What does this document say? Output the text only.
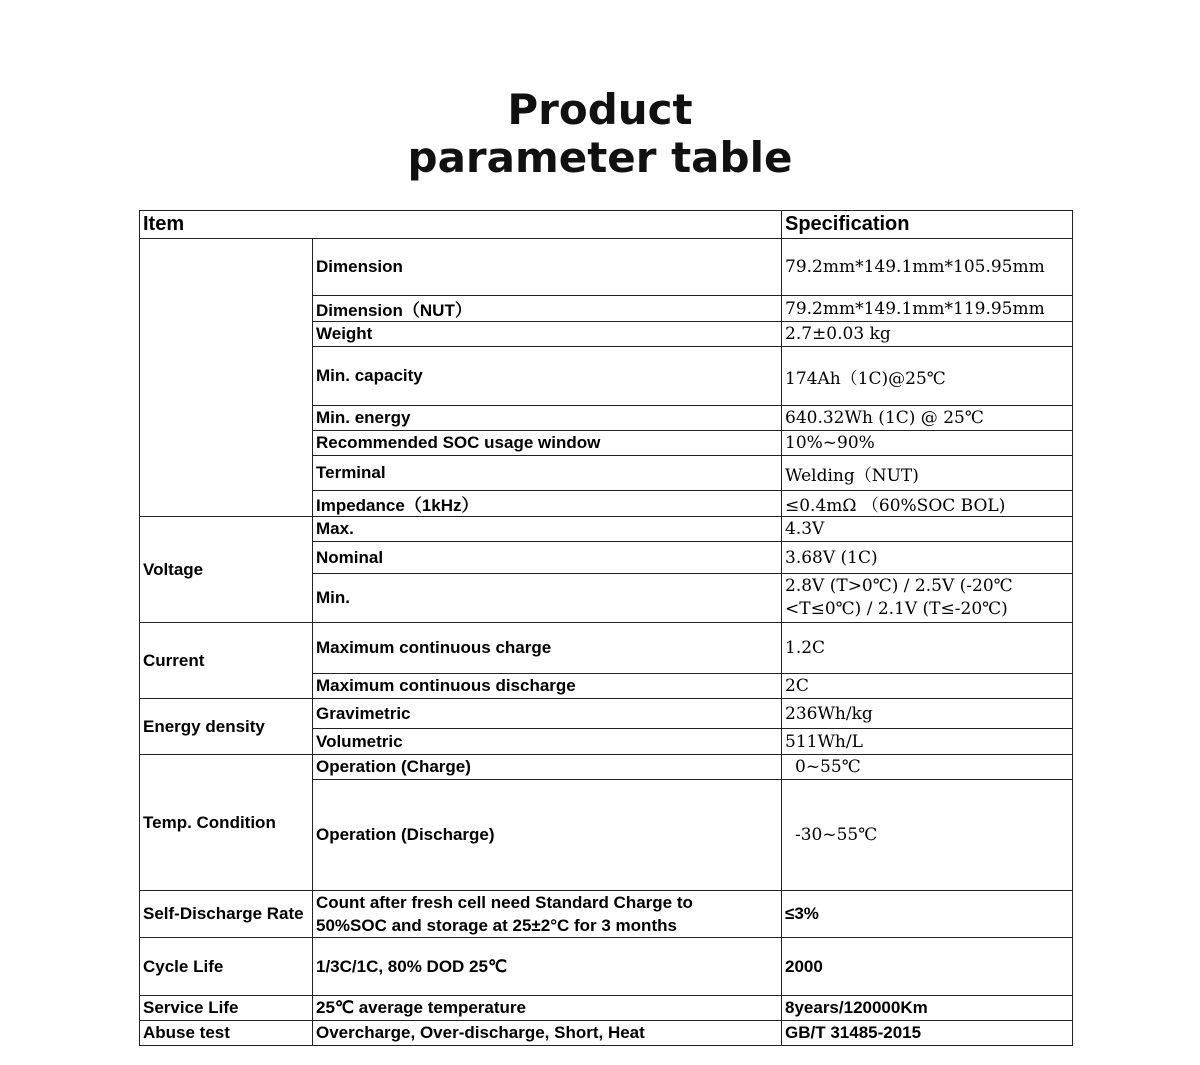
Product
parameter table
Item		Specification
	Dimension	79.2mm*149.1mm*105.95mm
	Dimension（NUT）	79.2mm*149.1mm*119.95mm
	Weight	2.7±0.03 kg
	Min. capacity	174Ah（1C)@25℃
	Min. energy	640.32Wh (1C) @ 25℃
	Recommended SOC usage window	10%~90%
	Terminal	Welding（NUT)
	Impedance（1kHz）	≤0.4mΩ （60%SOC BOL)
Voltage	Max.	4.3V
	Nominal	3.68V (1C)
	Min.	2.8V (T>0℃) / 2.5V (-20℃
<T≤0℃) / 2.1V (T≤-20℃)

Current	Maximum continuous charge	1.2C
	Maximum continuous discharge	2C
Energy density	Gravimetric	236Wh/kg
	Volumetric	511Wh/L
Temp. Condition	Operation (Charge)	0~55℃
	Operation (Discharge)	-30~55℃
Self-Discharge Rate	Count after fresh cell need Standard Charge to
50%SOC and storage at 25±2°C for 3 months	≤3%
Cycle Life	1/3C/1C, 80% DOD 25℃	2000
Service Life	25℃ average temperature	8years/120000Km
Abuse test	Overcharge, Over-discharge, Short, Heat	GB/T 31485-2015
